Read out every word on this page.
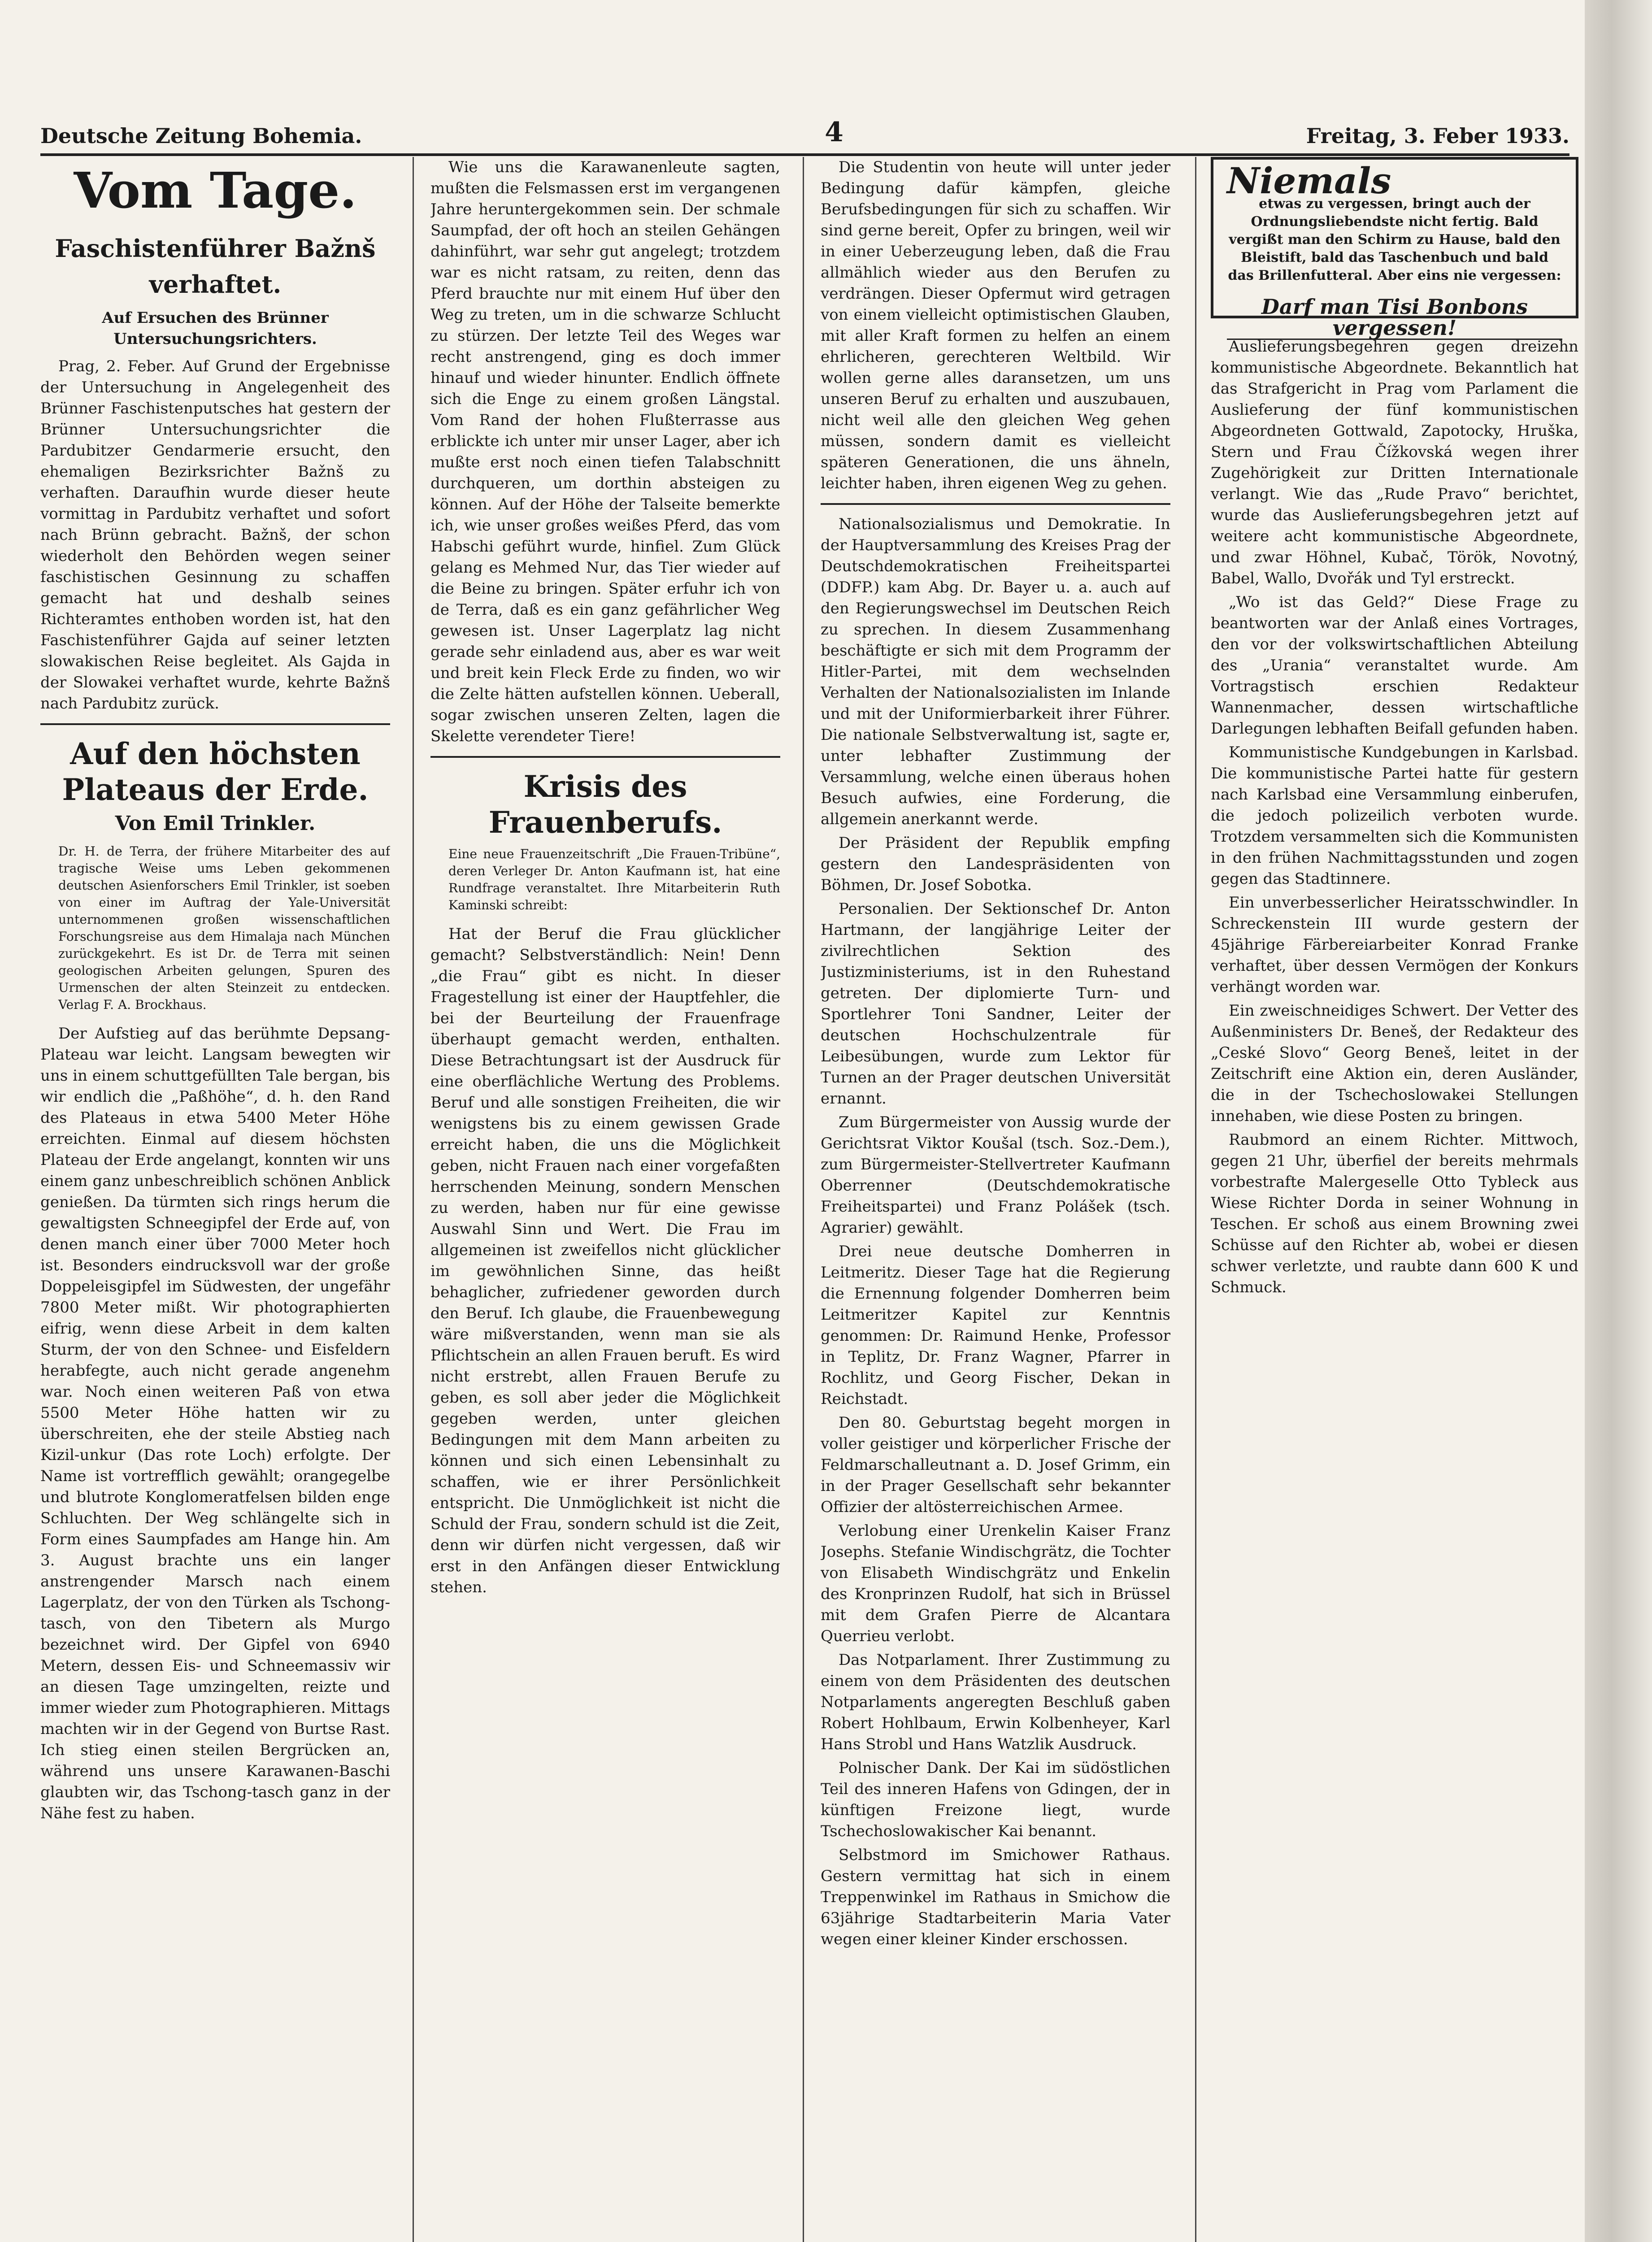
Deutsche Zeitung Bohemia.	4	Freitag, 3. Feber 1933.
Vom Tage.
Faschistenführer Bažnš verhaftet.
Auf Ersuchen des Brünner Untersuchungsrichters.

Prag, 2. Feber. Auf Grund der Ergebnisse der Untersuchung in Angelegenheit des Brünner Faschistenputsches hat gestern der Brünner Untersuchungsrichter die Pardubitzer Gendarmerie ersucht, den ehemaligen Bezirksrichter Bažnš zu verhaften. Daraufhin wurde dieser heute vormittag in Pardubitz verhaftet und sofort nach Brünn gebracht. Bažnš, der schon wiederholt den Behörden wegen seiner faschistischen Gesinnung zu schaffen gemacht hat und deshalb seines Richteramtes enthoben worden ist, hat den Faschistenführer Gajda auf seiner letzten slowakischen Reise begleitet. Als Gajda in der Slowakei verhaftet wurde, kehrte Bažnš nach Pardubitz zurück.

Auf den höchsten Plateaus der Erde.
Von Emil Trinkler.
Dr. H. de Terra, der frühere Mitarbeiter des auf tragische Weise ums Leben gekommenen deutschen Asienforschers Emil Trinkler, ist soeben von einer im Auftrag der Yale-Universität unternommenen großen wissenschaftlichen Forschungsreise aus dem Himalaja nach München zurückgekehrt. Es ist Dr. de Terra mit seinen geologischen Arbeiten gelungen, Spuren des Urmenschen der alten Steinzeit zu entdecken. Verlag F. A. Brockhaus.

Der Aufstieg auf das berühmte Depsang-Plateau war leicht. Langsam bewegten wir uns in einem schuttgefüllten Tale bergan, bis wir endlich die „Paßhöhe“, d. h. den Rand des Plateaus in etwa 5400 Meter Höhe erreichten. Einmal auf diesem höchsten Plateau der Erde angelangt, konnten wir uns einem ganz unbeschreiblich schönen Anblick genießen. Da türmten sich rings herum die gewaltigsten Schneegipfel der Erde auf, von denen manch einer über 7000 Meter hoch ist. Besonders eindrucksvoll war der große Doppeleisgipfel im Südwesten, der ungefähr 7800 Meter mißt. Wir photographierten eifrig, wenn diese Arbeit in dem kalten Sturm, der von den Schnee- und Eisfeldern herabfegte, auch nicht gerade angenehm war. Noch einen weiteren Paß von etwa 5500 Meter Höhe hatten wir zu überschreiten, ehe der steile Abstieg nach Kizil-unkur (Das rote Loch) erfolgte. Der Name ist vortrefflich gewählt; orangegelbe und blutrote Konglomeratfelsen bilden enge Schluchten. Der Weg schlängelte sich in Form eines Saumpfades am Hange hin. Am 3. August brachte uns ein langer anstrengender Marsch nach einem Lagerplatz, der von den Türken als Tschong-tasch, von den Tibetern als Murgo bezeichnet wird. Der Gipfel von 6940 Metern, dessen Eis- und Schneemassiv wir an diesen Tage umzingelten, reizte und immer wieder zum Photographieren. Mittags machten wir in der Gegend von Burtse Rast. Ich stieg einen steilen Bergrücken an, während uns unsere Karawanen-Baschi glaubten wir, das Tschong-tasch ganz in der Nähe fest zu haben.

Wie uns die Karawanenleute sagten, mußten die Felsmassen erst im vergangenen Jahre heruntergekommen sein. Der schmale Saumpfad, der oft hoch an steilen Gehängen dahinführt, war sehr gut angelegt; trotzdem war es nicht ratsam, zu reiten, denn das Pferd brauchte nur mit einem Huf über den Weg zu treten, um in die schwarze Schlucht zu stürzen. Der letzte Teil des Weges war recht anstrengend, ging es doch immer hinauf und wieder hinunter. Endlich öffnete sich die Enge zu einem großen Längstal. Vom Rand der hohen Flußterrasse aus erblickte ich unter mir unser Lager, aber ich mußte erst noch einen tiefen Talabschnitt durchqueren, um dorthin absteigen zu können. Auf der Höhe der Talseite bemerkte ich, wie unser großes weißes Pferd, das vom Habschi geführt wurde, hinfiel. Zum Glück gelang es Mehmed Nur, das Tier wieder auf die Beine zu bringen. Später erfuhr ich von de Terra, daß es ein ganz gefährlicher Weg gewesen ist. Unser Lagerplatz lag nicht gerade sehr einladend aus, aber es war weit und breit kein Fleck Erde zu finden, wo wir die Zelte hätten aufstellen können. Ueberall, sogar zwischen unseren Zelten, lagen die Skelette verendeter Tiere!

Krisis des Frauenberufs.
Eine neue Frauenzeitschrift „Die Frauen-Tribüne“, deren Verleger Dr. Anton Kaufmann ist, hat eine Rundfrage veranstaltet. Ihre Mitarbeiterin Ruth Kaminski schreibt:

Hat der Beruf die Frau glücklicher gemacht? Selbstverständlich: Nein! Denn „die Frau“ gibt es nicht. In dieser Fragestellung ist einer der Hauptfehler, die bei der Beurteilung der Frauenfrage überhaupt gemacht werden, enthalten. Diese Betrachtungsart ist der Ausdruck für eine oberflächliche Wertung des Problems. Beruf und alle sonstigen Freiheiten, die wir wenigstens bis zu einem gewissen Grade erreicht haben, die uns die Möglichkeit geben, nicht Frauen nach einer vorgefaßten herrschenden Meinung, sondern Menschen zu werden, haben nur für eine gewisse Auswahl Sinn und Wert. Die Frau im allgemeinen ist zweifellos nicht glücklicher im gewöhnlichen Sinne, das heißt behaglicher, zufriedener geworden durch den Beruf. Ich glaube, die Frauenbewegung wäre mißverstanden, wenn man sie als Pflichtschein an allen Frauen beruft. Es wird nicht erstrebt, allen Frauen Berufe zu geben, es soll aber jeder die Möglichkeit gegeben werden, unter gleichen Bedingungen mit dem Mann arbeiten zu können und sich einen Lebensinhalt zu schaffen, wie er ihrer Persönlichkeit entspricht. Die Unmöglichkeit ist nicht die Schuld der Frau, sondern schuld ist die Zeit, denn wir dürfen nicht vergessen, daß wir erst in den Anfängen dieser Entwicklung stehen.

Die Studentin von heute will unter jeder Bedingung dafür kämpfen, gleiche Berufsbedingungen für sich zu schaffen. Wir sind gerne bereit, Opfer zu bringen, weil wir in einer Ueberzeugung leben, daß die Frau allmählich wieder aus den Berufen zu verdrängen. Dieser Opfermut wird getragen von einem vielleicht optimistischen Glauben, mit aller Kraft formen zu helfen an einem ehrlicheren, gerechteren Weltbild. Wir wollen gerne alles daransetzen, um uns unseren Beruf zu erhalten und auszubauen, nicht weil alle den gleichen Weg gehen müssen, sondern damit es vielleicht späteren Generationen, die uns ähneln, leichter haben, ihren eigenen Weg zu gehen.

Nationalsozialismus und Demokratie. In der Hauptversammlung des Kreises Prag der Deutschdemokratischen Freiheitspartei (DDFP.) kam Abg. Dr. Bayer u. a. auch auf den Regierungswechsel im Deutschen Reich zu sprechen. In diesem Zusammenhang beschäftigte er sich mit dem Programm der Hitler-Partei, mit dem wechselnden Verhalten der Nationalsozialisten im Inlande und mit der Uniformierbarkeit ihrer Führer. Die nationale Selbstverwaltung ist, sagte er, unter lebhafter Zustimmung der Versammlung, welche einen überaus hohen Besuch aufwies, eine Forderung, die allgemein anerkannt werde.

Der Präsident der Republik empfing gestern den Landespräsidenten von Böhmen, Dr. Josef Sobotka.

Personalien. Der Sektionschef Dr. Anton Hartmann, der langjährige Leiter der zivilrechtlichen Sektion des Justizministeriums, ist in den Ruhestand getreten. Der diplomierte Turn- und Sportlehrer Toni Sandner, Leiter der deutschen Hochschulzentrale für Leibesübungen, wurde zum Lektor für Turnen an der Prager deutschen Universität ernannt.

Zum Bürgermeister von Aussig wurde der Gerichtsrat Viktor Koušal (tsch. Soz.-Dem.), zum Bürgermeister-Stellvertreter Kaufmann Oberrenner (Deutschdemokratische Freiheitspartei) und Franz Polášek (tsch. Agrarier) gewählt.

Drei neue deutsche Domherren in Leitmeritz. Dieser Tage hat die Regierung die Ernennung folgender Domherren beim Leitmeritzer Kapitel zur Kenntnis genommen: Dr. Raimund Henke, Professor in Teplitz, Dr. Franz Wagner, Pfarrer in Rochlitz, und Georg Fischer, Dekan in Reichstadt.

Den 80. Geburtstag begeht morgen in voller geistiger und körperlicher Frische der Feldmarschalleutnant a. D. Josef Grimm, ein in der Prager Gesellschaft sehr bekannter Offizier der altösterreichischen Armee.

Verlobung einer Urenkelin Kaiser Franz Josephs. Stefanie Windischgrätz, die Tochter von Elisabeth Windischgrätz und Enkelin des Kronprinzen Rudolf, hat sich in Brüssel mit dem Grafen Pierre de Alcantara Querrieu verlobt.

Das Notparlament. Ihrer Zustimmung zu einem von dem Präsidenten des deutschen Notparlaments angeregten Beschluß gaben Robert Hohlbaum, Erwin Kolbenheyer, Karl Hans Strobl und Hans Watzlik Ausdruck.

Polnischer Dank. Der Kai im südöstlichen Teil des inneren Hafens von Gdingen, der in künftigen Freizone liegt, wurde Tschechoslowakischer Kai benannt.

Selbstmord im Smichower Rathaus. Gestern vermittag hat sich in einem Treppenwinkel im Rathaus in Smichow die 63jährige Stadtarbeiterin Maria Vater wegen einer kleiner Kinder erschossen.

Niemals
etwas zu vergessen, bringt auch der Ordnungsliebendste nicht fertig. Bald vergißt man den Schirm zu Hause, bald den Bleistift, bald das Taschenbuch und bald das Brillenfutteral. Aber eins nie vergessen:
Darf man Tisi Bonbons vergessen!

Auslieferungsbegehren gegen dreizehn kommunistische Abgeordnete. Bekanntlich hat das Strafgericht in Prag vom Parlament die Auslieferung der fünf kommunistischen Abgeordneten Gottwald, Zapotocky, Hruška, Stern und Frau Čížkovská wegen ihrer Zugehörigkeit zur Dritten Internationale verlangt. Wie das „Rude Pravo“ berichtet, wurde das Auslieferungsbegehren jetzt auf weitere acht kommunistische Abgeordnete, und zwar Höhnel, Kubač, Török, Novotný, Babel, Wallo, Dvořák und Tyl erstreckt.

„Wo ist das Geld?“ Diese Frage zu beantworten war der Anlaß eines Vortrages, den vor der volkswirtschaftlichen Abteilung des „Urania“ veranstaltet wurde. Am Vortragstisch erschien Redakteur Wannenmacher, dessen wirtschaftliche Darlegungen lebhaften Beifall gefunden haben.

Kommunistische Kundgebungen in Karlsbad. Die kommunistische Partei hatte für gestern nach Karlsbad eine Versammlung einberufen, die jedoch polizeilich verboten wurde. Trotzdem versammelten sich die Kommunisten in den frühen Nachmittagsstunden und zogen gegen das Stadtinnere.

Ein unverbesserlicher Heiratsschwindler. In Schreckenstein III wurde gestern der 45jährige Färbereiarbeiter Konrad Franke verhaftet, über dessen Vermögen der Konkurs verhängt worden war.

Ein zweischneidiges Schwert. Der Vetter des Außenministers Dr. Beneš, der Redakteur des „Ceské Slovo“ Georg Beneš, leitet in der Zeitschrift eine Aktion ein, deren Ausländer, die in der Tschechoslowakei Stellungen innehaben, wie diese Posten zu bringen.

Raubmord an einem Richter. Mittwoch, gegen 21 Uhr, überfiel der bereits mehrmals vorbestrafte Malergeselle Otto Tybleck aus Wiese Richter Dorda in seiner Wohnung in Teschen. Er schoß aus einem Browning zwei Schüsse auf den Richter ab, wobei er diesen schwer verletzte, und raubte dann 600 K und Schmuck.
